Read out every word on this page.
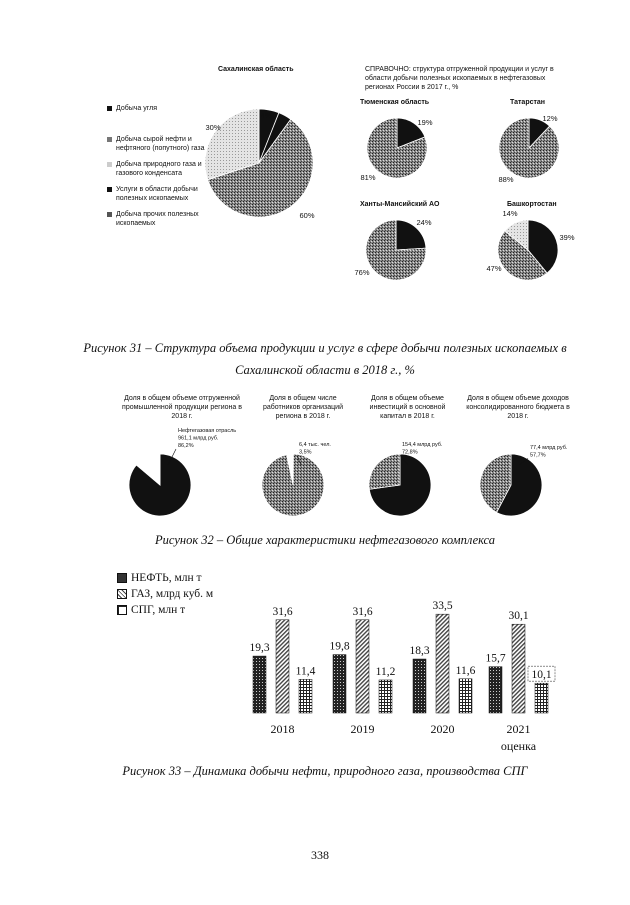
4%
60%
30%
19%
81%
12%
88%
24%
76%
39%
47%
14%
Нефтегазовая отрасль
961,1 млрд руб.
86,2%	6,4 тыс. чел.
3,5%
154,4 млрд руб.
72,8%
77,4 млрд руб.
57,7%
19,3
31,6
11,4
2018
19,8
31,6
11,2
2019
18,3
33,5
11,6
2020
15,7
30,1
10,1
2021
оценка
Сахалинская область
Добыча угля
Добыча сырой нефти и нефтяного (попутного) газа
Добыча природного газа и газового конденсата
Услуги в области добычи полезных ископаемых
Добыча прочих полезных ископаемых
СПРАВОЧНО: структура отгруженной продукции и услуг в области добычи полезных ископаемых в нефтегазовых регионах России в 2017 г., %
Тюменская область	Татарстан
Ханты-Мансийский АО	Башкортостан
Рисунок 31 – Структура объема продукции и услуг в сфере добычи полезных ископаемых в Сахалинской области в 2018 г., %
Доля в общем объеме отгруженной промышленной продукции региона в 2018 г.
Доля в общем числе работников организаций региона в 2018 г.
Доля в общем объеме инвестиций в основной капитал в 2018 г.
Доля в общем объеме доходов консолидированного бюджета в 2018 г.
Рисунок 32 – Общие характеристики нефтегазового комплекса
НЕФТЬ, млн т
ГАЗ, млрд куб. м
СПГ, млн т
Рисунок 33 – Динамика добычи нефти, природного газа, производства СПГ
338
